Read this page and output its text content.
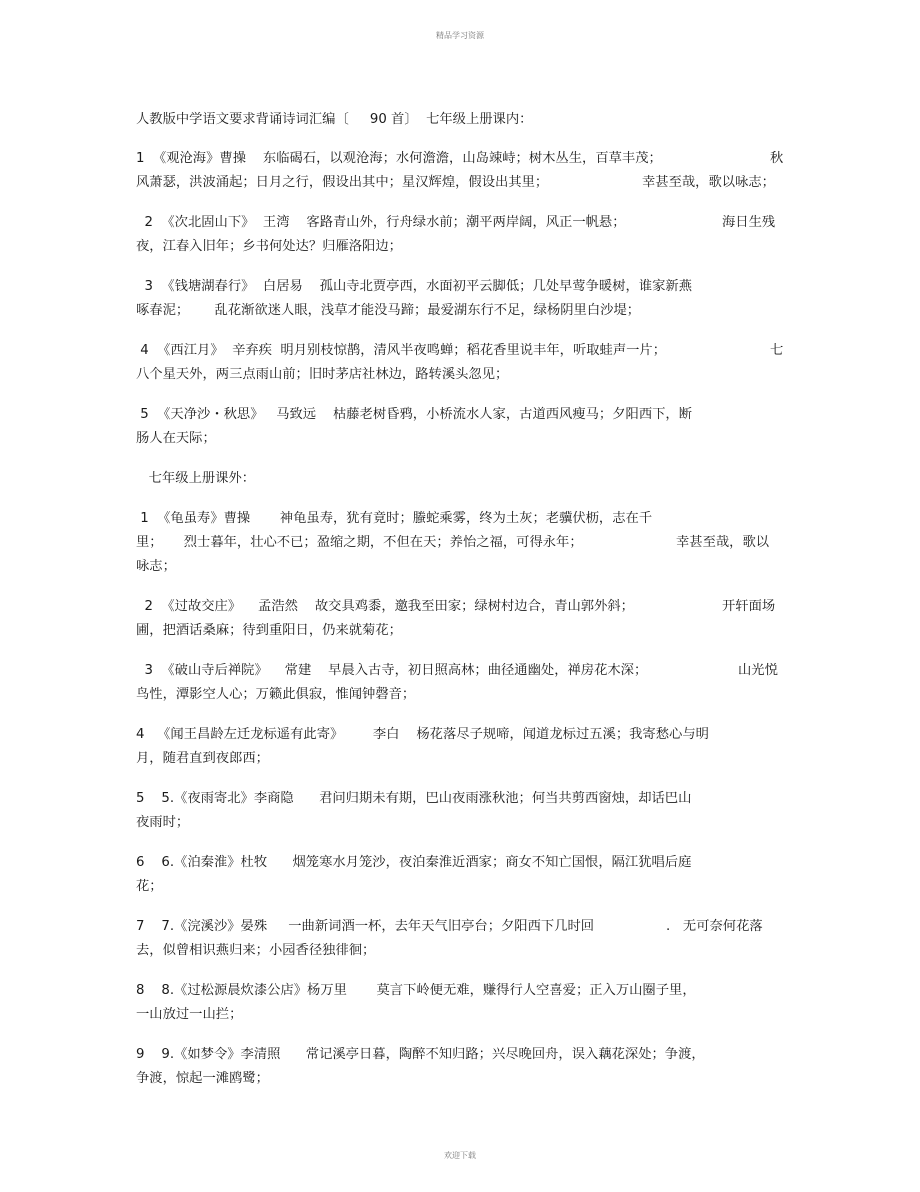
精品学习资源
人教版中学语文要求背诵诗词汇编〔     90 首〕  七年级上册课内：
1  《观沧海》曹操    东临碣石，以观沧海；水何澹澹，山岛竦峙；树木丛生，百草丰茂；	秋
风萧瑟，洪波涌起；日月之行，假设出其中；星汉辉煌，假设出其里；	幸甚至哉，歌以咏志；
2  《次北固山下》  王湾    客路青山外，行舟绿水前；潮平两岸阔，风正一帆悬；	海日生残
夜，江春入旧年；乡书何处达？归雁洛阳边；
3  《钱塘湖春行》  白居易    孤山寺北贾亭西，水面初平云脚低；几处早莺争暖树，谁家新燕
啄春泥；      乱花渐欲迷人眼，浅草才能没马蹄；最爱湖东行不足，绿杨阴里白沙堤；
4  《西江月》  辛弃疾  明月别枝惊鹊，清风半夜鸣蝉；稻花香里说丰年，听取蛙声一片；	七
八个星天外，两三点雨山前；旧时茅店社林边，路转溪头忽见；
5  《天净沙・秋思》   马致远    枯藤老树昏鸦，小桥流水人家，古道西风瘦马；夕阳西下，断
肠人在天际；
七年级上册课外：
1  《龟虽寿》曹操       神龟虽寿，犹有竟时；螣蛇乘雾，终为土灰；老骥伏枥，志在千
里；     烈士暮年，壮心不已；盈缩之期，不但在天；养怡之福，可得永年；	幸甚至哉，歌以
咏志；
2  《过故交庄》    孟浩然    故交具鸡黍，邀我至田家；绿树村边合，青山郭外斜；	开轩面场
圃，把酒话桑麻；待到重阳日，仍来就菊花；
3  《破山寺后禅院》    常建    早晨入古寺，初日照高林；曲径通幽处，禅房花木深；	山光悦
鸟性，潭影空人心；万籁此俱寂，惟闻钟磬音；
4   《闻王昌龄左迁龙标遥有此寄》       李白    杨花落尽子规啼，闻道龙标过五溪；我寄愁心与明
月，随君直到夜郎西；
5    5.《夜雨寄北》李商隐      君问归期未有期，巴山夜雨涨秋池；何当共剪西窗烛，却话巴山
夜雨时；
6    6.《泊秦淮》杜牧      烟笼寒水月笼沙，夜泊秦淮近酒家；商女不知亡国恨，隔江犹唱后庭
花；
7    7.《浣溪沙》晏殊     一曲新词酒一杯，去年天气旧亭台；夕阳西下几时回	.   无可奈何花落
去，似曾相识燕归来；小园香径独徘徊；
8    8.《过松源晨炊漆公店》杨万里       莫言下岭便无难，赚得行人空喜爱；正入万山圈子里，
一山放过一山拦；
9    9.《如梦令》李清照      常记溪亭日暮，陶醉不知归路；兴尽晚回舟，误入藕花深处；争渡，
争渡，惊起一滩鸥鹭；
欢迎下载
